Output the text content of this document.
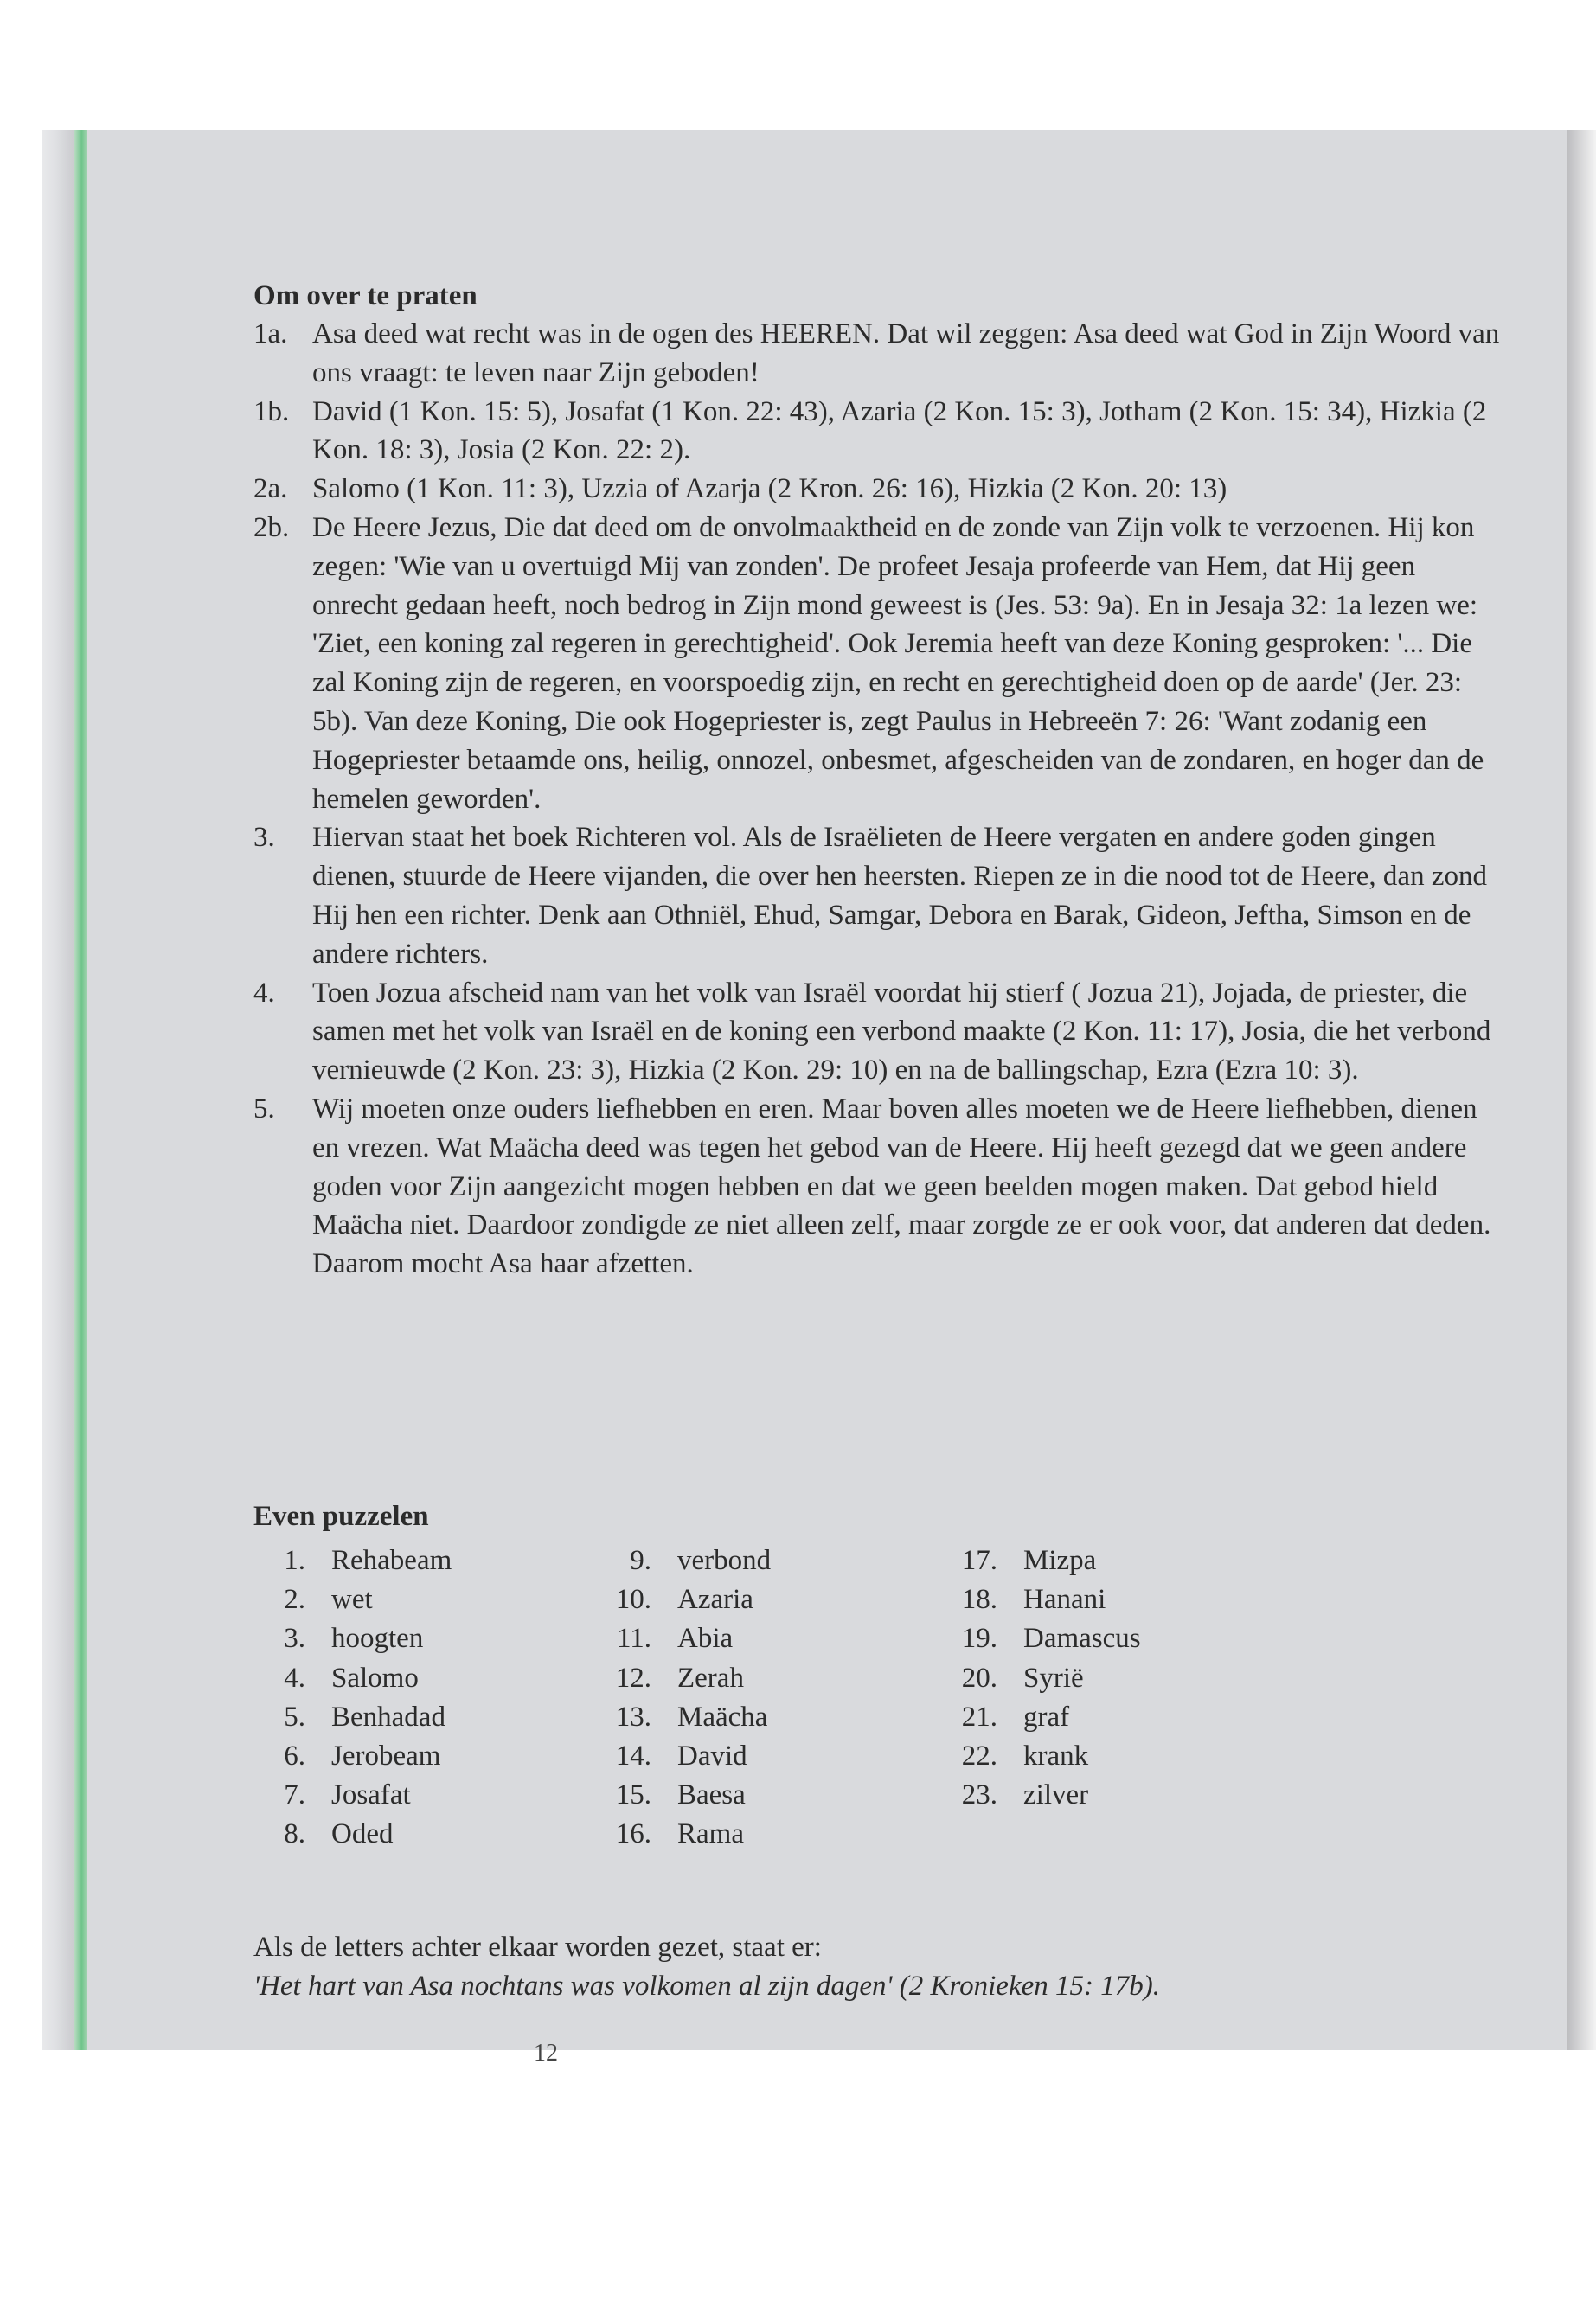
Om over te praten

1a. Asa deed wat recht was in de ogen des HEEREN. Dat wil zeggen: Asa deed wat God in Zijn Woord van ons vraagt: te leven naar Zijn geboden!
1b. David (1 Kon. 15: 5), Josafat (1 Kon. 22: 43), Azaria (2 Kon. 15: 3), Jotham (2 Kon. 15: 34), Hizkia (2 Kon. 18: 3), Josia (2 Kon. 22: 2).
2a. Salomo (1 Kon. 11: 3), Uzzia of Azarja (2 Kron. 26: 16), Hizkia (2 Kon. 20: 13)
2b. De Heere Jezus, Die dat deed om de onvolmaaktheid en de zonde van Zijn volk te verzoenen. Hij kon zegen: 'Wie van u overtuigd Mij van zonden'. De profeet Jesaja profeerde van Hem, dat Hij geen onrecht gedaan heeft, noch bedrog in Zijn mond geweest is (Jes. 53: 9a). En in Jesaja 32: 1a lezen we: 'Ziet, een koning zal regeren in gerechtigheid'. Ook Jeremia heeft van deze Koning gesproken: '... Die zal Koning zijn de regeren, en voorspoedig zijn, en recht en gerechtigheid doen op de aarde' (Jer. 23: 5b). Van deze Koning, Die ook Hogepriester is, zegt Paulus in Hebreeën 7: 26: 'Want zodanig een Hogepriester betaamde ons, heilig, onnozel, onbesmet, afgescheiden van de zondaren, en hoger dan de hemelen geworden'.
3. Hiervan staat het boek Richteren vol. Als de Israëlieten de Heere vergaten en andere goden gingen dienen, stuurde de Heere vijanden, die over hen heersten. Riepen ze in die nood tot de Heere, dan zond Hij hen een richter. Denk aan Othniël, Ehud, Samgar, Debora en Barak, Gideon, Jeftha, Simson en de andere richters.
4. Toen Jozua afscheid nam van het volk van Israël voordat hij stierf ( Jozua 21), Jojada, de priester, die samen met het volk van Israël en de koning een verbond maakte (2 Kon. 11: 17), Josia, die het verbond vernieuwde (2 Kon. 23: 3), Hizkia (2 Kon. 29: 10) en na de ballingschap, Ezra (Ezra 10: 3).
5. Wij moeten onze ouders liefhebben en eren. Maar boven alles moeten we de Heere liefhebben, dienen en vrezen. Wat Maächa deed was tegen het gebod van de Heere. Hij heeft gezegd dat we geen andere goden voor Zijn aangezicht mogen hebben en dat we geen beelden mogen maken. Dat gebod hield Maächa niet. Daardoor zondigde ze niet alleen zelf, maar zorgde ze er ook voor, dat anderen dat deden. Daarom mocht Asa haar afzetten.
Even puzzelen
1. Rehabeam
2. wet
3. hoogten
4. Salomo
5. Benhadad
6. Jerobeam
7. Josafat
8. Oded
9. verbond
10. Azaria
11. Abia
12. Zerah
13. Maächa
14. David
15. Baesa
16. Rama
17. Mizpa
18. Hanani
19. Damascus
20. Syrië
21. graf
22. krank
23. zilver
Als de letters achter elkaar worden gezet, staat er:
'Het hart van Asa nochtans was volkomen al zijn dagen' (2 Kronieken 15: 17b).
12
